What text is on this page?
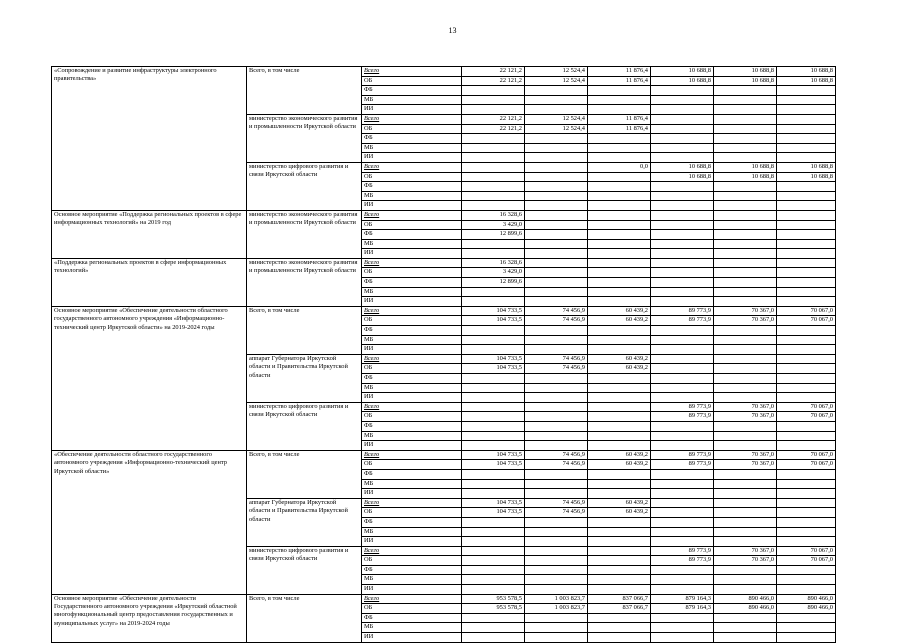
13
«Сопровождение и развитие инфраструктуры электронного правительства»	Всего, в том числе	Всего	22 121,2	12 524,4	11 876,4	10 688,8	10 688,8	10 688,8
		ОБ	22 121,2	12 524,4	11 876,4	10 688,8	10 688,8	10 688,8
		ФБ						
		МБ						
		ИИ						
	министерство экономического развития и промышленности Иркутской области	Всего	22 121,2	12 524,4	11 876,4			
		ОБ	22 121,2	12 524,4	11 876,4			
		ФБ						
		МБ						
		ИИ						
	министерство цифрового развития и связи Иркутской области	Всего			0,0	10 688,8	10 688,8	10 688,8
		ОБ				10 688,8	10 688,8	10 688,8
		ФБ						
		МБ						
		ИИ						
Основное мероприятие «Поддержка региональных проектов в сфере информационных технологий» на 2019 год	министерство экономического развития и промышленности Иркутской области	Всего	16 328,6					
		ОБ	3 429,0					
		ФБ	12 899,6					
		МБ						
		ИИ						
«Поддержка региональных проектов в сфере информационных технологий»	министерство экономического развития и промышленности Иркутской области	Всего	16 328,6					
		ОБ	3 429,0					
		ФБ	12 899,6					
		МБ						
		ИИ						
Основное мероприятие «Обеспечение деятельности областного государственного автономного учреждения «Информационно-технический центр Иркутской области» на 2019-2024 годы	Всего, в том числе	Всего	104 733,5	74 456,9	60 439,2	89 773,9	70 367,0	70 067,0
		ОБ	104 733,5	74 456,9	60 439,2	89 773,9	70 367,0	70 067,0
		ФБ						
		МБ						
		ИИ						
	аппарат Губернатора Иркутской области и Правительства Иркутской области	Всего	104 733,5	74 456,9	60 439,2			
		ОБ	104 733,5	74 456,9	60 439,2			
		ФБ						
		МБ						
		ИИ						
	министерство цифрового развития и связи Иркутской области	Всего				89 773,9	70 367,0	70 067,0
		ОБ				89 773,9	70 367,0	70 067,0
		ФБ						
		МБ						
		ИИ						
«Обеспечение деятельности областного государственного автономного учреждения «Информационно-технический центр Иркутской области»	Всего, в том числе	Всего	104 733,5	74 456,9	60 439,2	89 773,9	70 367,0	70 067,0
		ОБ	104 733,5	74 456,9	60 439,2	89 773,9	70 367,0	70 067,0
		ФБ						
		МБ						
		ИИ						
	аппарат Губернатора Иркутской области и Правительства Иркутской области	Всего	104 733,5	74 456,9	60 439,2			
		ОБ	104 733,5	74 456,9	60 439,2			
		ФБ						
		МБ						
		ИИ						
	министерство цифрового развития и связи Иркутской области	Всего				89 773,9	70 367,0	70 067,0
		ОБ				89 773,9	70 367,0	70 067,0
		ФБ						
		МБ						
		ИИ						
Основное мероприятие «Обеспечение деятельности Государственного автономного учреждения «Иркутский областной многофункциональный центр предоставления государственных и муниципальных услуг» на 2019-2024 годы	Всего, в том числе	Всего	953 578,5	1 003 823,7	837 066,7	879 164,3	890 466,0	890 466,0
		ОБ	953 578,5	1 003 823,7	837 066,7	879 164,3	890 466,0	890 466,0
		ФБ						
		МБ						
		ИИ						
